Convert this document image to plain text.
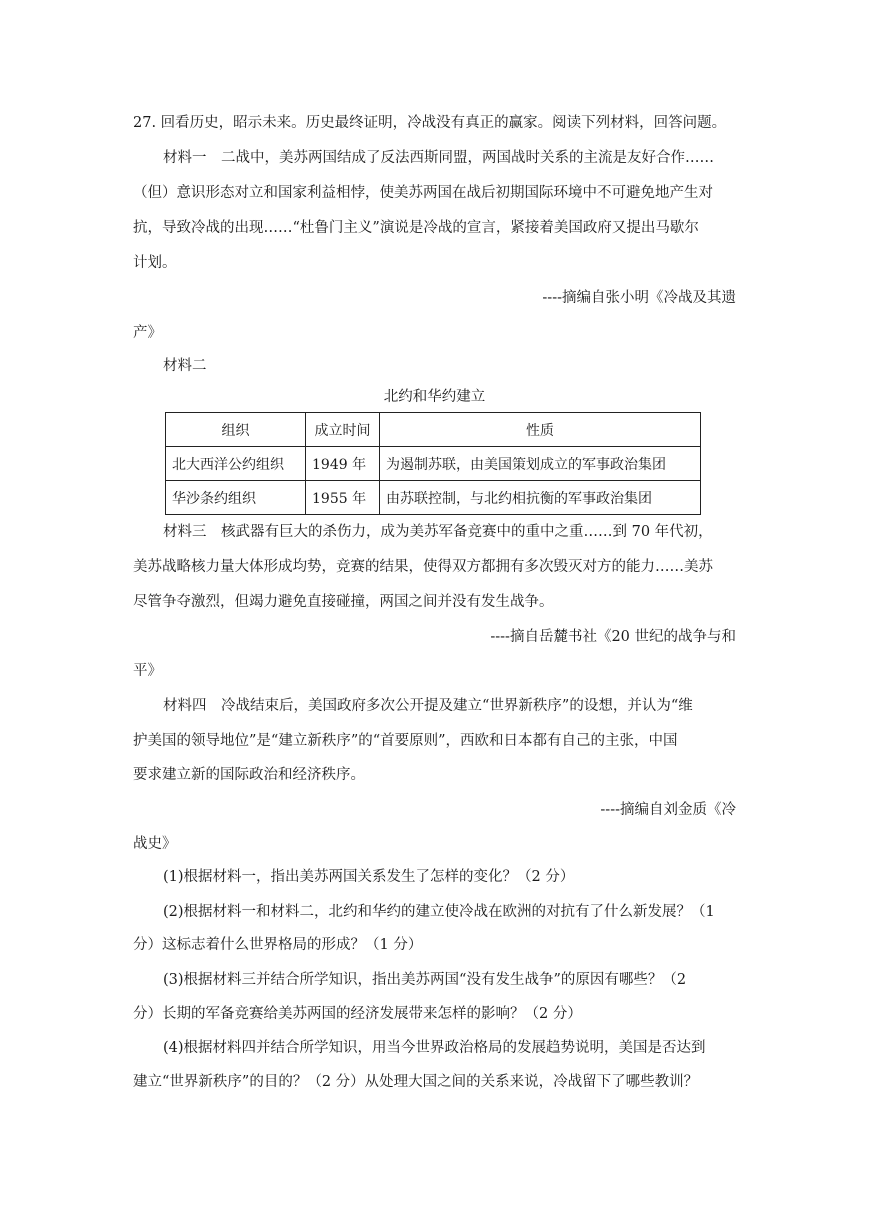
27. 回看历史，昭示未来。历史最终证明，冷战没有真正的赢家。阅读下列材料，回答问题。
材料一　二战中，美苏两国结成了反法西斯同盟，两国战时关系的主流是友好合作……
（但）意识形态对立和国家利益相悖，使美苏两国在战后初期国际环境中不可避免地产生对
抗，导致冷战的出现……“杜鲁门主义”演说是冷战的宣言，紧接着美国政府又提出马歇尔
计划。
----摘编自张小明《冷战及其遗
产》
材料二
北约和华约建立
组织	成立时间	性质
北大西洋公约组织	1949 年	为遏制苏联，由美国策划成立的军事政治集团
华沙条约组织	1955 年	由苏联控制，与北约相抗衡的军事政治集团
材料三　核武器有巨大的杀伤力，成为美苏军备竞赛中的重中之重……到 70 年代初，
美苏战略核力量大体形成均势，竞赛的结果，使得双方都拥有多次毁灭对方的能力……美苏
尽管争夺激烈，但竭力避免直接碰撞，两国之间并没有发生战争。
----摘自岳麓书社《20 世纪的战争与和
平》
材料四　冷战结束后，美国政府多次公开提及建立“世界新秩序”的设想，并认为“维
护美国的领导地位”是“建立新秩序”的“首要原则”，西欧和日本都有自己的主张，中国
要求建立新的国际政治和经济秩序。
----摘编自刘金质《冷
战史》
(1)根据材料一，指出美苏两国关系发生了怎样的变化？（2 分）
(2)根据材料一和材料二，北约和华约的建立使冷战在欧洲的对抗有了什么新发展？（1
分）这标志着什么世界格局的形成？（1 分）
(3)根据材料三并结合所学知识，指出美苏两国“没有发生战争”的原因有哪些？（2
分）长期的军备竞赛给美苏两国的经济发展带来怎样的影响？（2 分）
(4)根据材料四并结合所学知识，用当今世界政治格局的发展趋势说明，美国是否达到
建立“世界新秩序”的目的？（2 分）从处理大国之间的关系来说，冷战留下了哪些教训？
